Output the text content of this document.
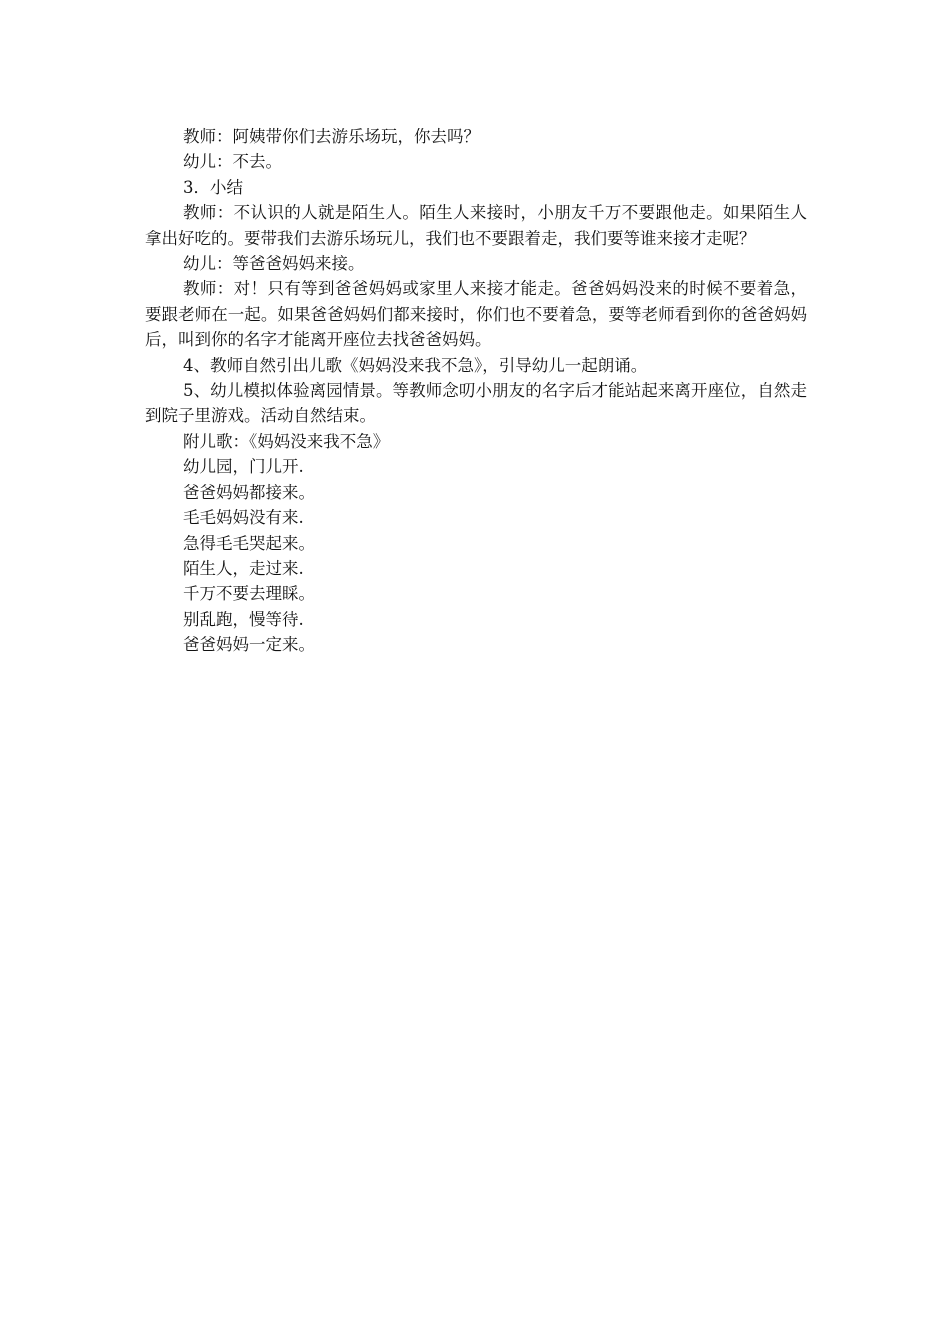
教师：阿姨带你们去游乐场玩，你去吗？

幼儿：不去。

3．小结

教师：不认识的人就是陌生人。陌生人来接时，小朋友千万不要跟他走。如果陌生人拿出好吃的。要带我们去游乐场玩儿，我们也不要跟着走，我们要等谁来接才走呢？

幼儿：等爸爸妈妈来接。

教师：对！只有等到爸爸妈妈或家里人来接才能走。爸爸妈妈没来的时候不要着急，要跟老师在一起。如果爸爸妈妈们都来接时，你们也不要着急，要等老师看到你的爸爸妈妈后，叫到你的名字才能离开座位去找爸爸妈妈。

4、教师自然引出儿歌《妈妈没来我不急》，引导幼儿一起朗诵。

5、幼儿模拟体验离园情景。等教师念叨小朋友的名字后才能站起来离开座位，自然走到院子里游戏。活动自然结束。

附儿歌：《妈妈没来我不急》

幼儿园，门儿开.

爸爸妈妈都接来。

毛毛妈妈没有来.

急得毛毛哭起来。

陌生人，走过来.

千万不要去理睬。

别乱跑，慢等待.

爸爸妈妈一定来。
